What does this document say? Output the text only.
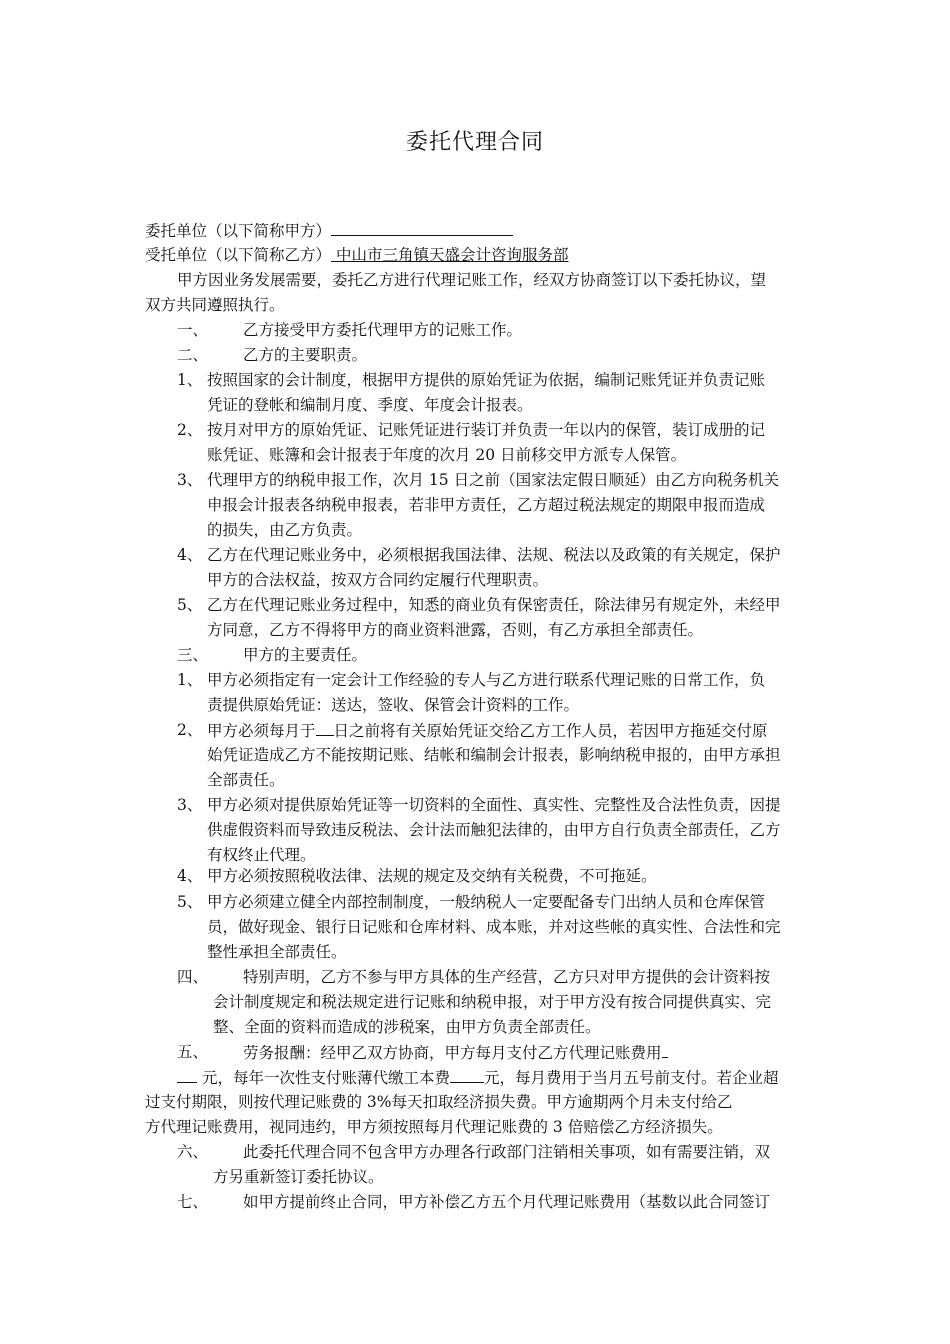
委托代理合同
委托单位（以下简称甲方）
受托单位（以下简称乙方） 中山市三角镇天盛会计咨询服务部
甲方因业务发展需要，委托乙方进行代理记账工作，经双方协商签订以下委托协议，望
双方共同遵照执行。
一、 乙方接受甲方委托代理甲方的记账工作。
二、 乙方的主要职责。
1、 按照国家的会计制度，根据甲方提供的原始凭证为依据，编制记账凭证并负责记账
凭证的登帐和编制月度、季度、年度会计报表。
2、 按月对甲方的原始凭证、记账凭证进行装订并负责一年以内的保管，装订成册的记
账凭证、账簿和会计报表于年度的次月 20 日前移交甲方派专人保管。
3、 代理甲方的纳税申报工作，次月 15 日之前（国家法定假日顺延）由乙方向税务机关
申报会计报表各纳税申报表，若非甲方责任，乙方超过税法规定的期限申报而造成
的损失，由乙方负责。
4、 乙方在代理记账业务中，必须根据我国法律、法规、税法以及政策的有关规定，保护
甲方的合法权益，按双方合同约定履行代理职责。
5、 乙方在代理记账业务过程中，知悉的商业负有保密责任，除法律另有规定外，未经甲
方同意，乙方不得将甲方的商业资料泄露，否则，有乙方承担全部责任。
三、 甲方的主要责任。
1、 甲方必须指定有一定会计工作经验的专人与乙方进行联系代理记账的日常工作，负
责提供原始凭证：送达，签收、保管会计资料的工作。
2、 甲方必须每月于 日之前将有关原始凭证交给乙方工作人员，若因甲方拖延交付原
始凭证造成乙方不能按期记账、结帐和编制会计报表，影响纳税申报的，由甲方承担
全部责任。
3、 甲方必须对提供原始凭证等一切资料的全面性、真实性、完整性及合法性负责，因提
供虚假资料而导致违反税法、会计法而触犯法律的，由甲方自行负责全部责任，乙方
有权终止代理。
4、 甲方必须按照税收法律、法规的规定及交纳有关税费，不可拖延。
5、 甲方必须建立健全内部控制制度，一般纳税人一定要配备专门出纳人员和仓库保管
员，做好现金、银行日记账和仓库材料、成本账，并对这些帐的真实性、合法性和完
整性承担全部责任。
四、 特别声明，乙方不参与甲方具体的生产经营，乙方只对甲方提供的会计资料按
会计制度规定和税法规定进行记账和纳税申报，对于甲方没有按合同提供真实、完
整、全面的资料而造成的涉税案，由甲方负责全部责任。
五、 劳务报酬：经甲乙双方协商，甲方每月支付乙方代理记账费用
元，每年一次性支付账薄代缴工本费 元，每月费用于当月五号前支付。若企业超
过支付期限，则按代理记账费的 3%每天扣取经济损失费。甲方逾期两个月未支付给乙
方代理记账费用，视同违约，甲方须按照每月代理记账费的 3 倍赔偿乙方经济损失。
六、 此委托代理合同不包含甲方办理各行政部门注销相关事项，如有需要注销，双
方另重新签订委托协议。
七、 如甲方提前终止合同，甲方补偿乙方五个月代理记账费用（基数以此合同签订
